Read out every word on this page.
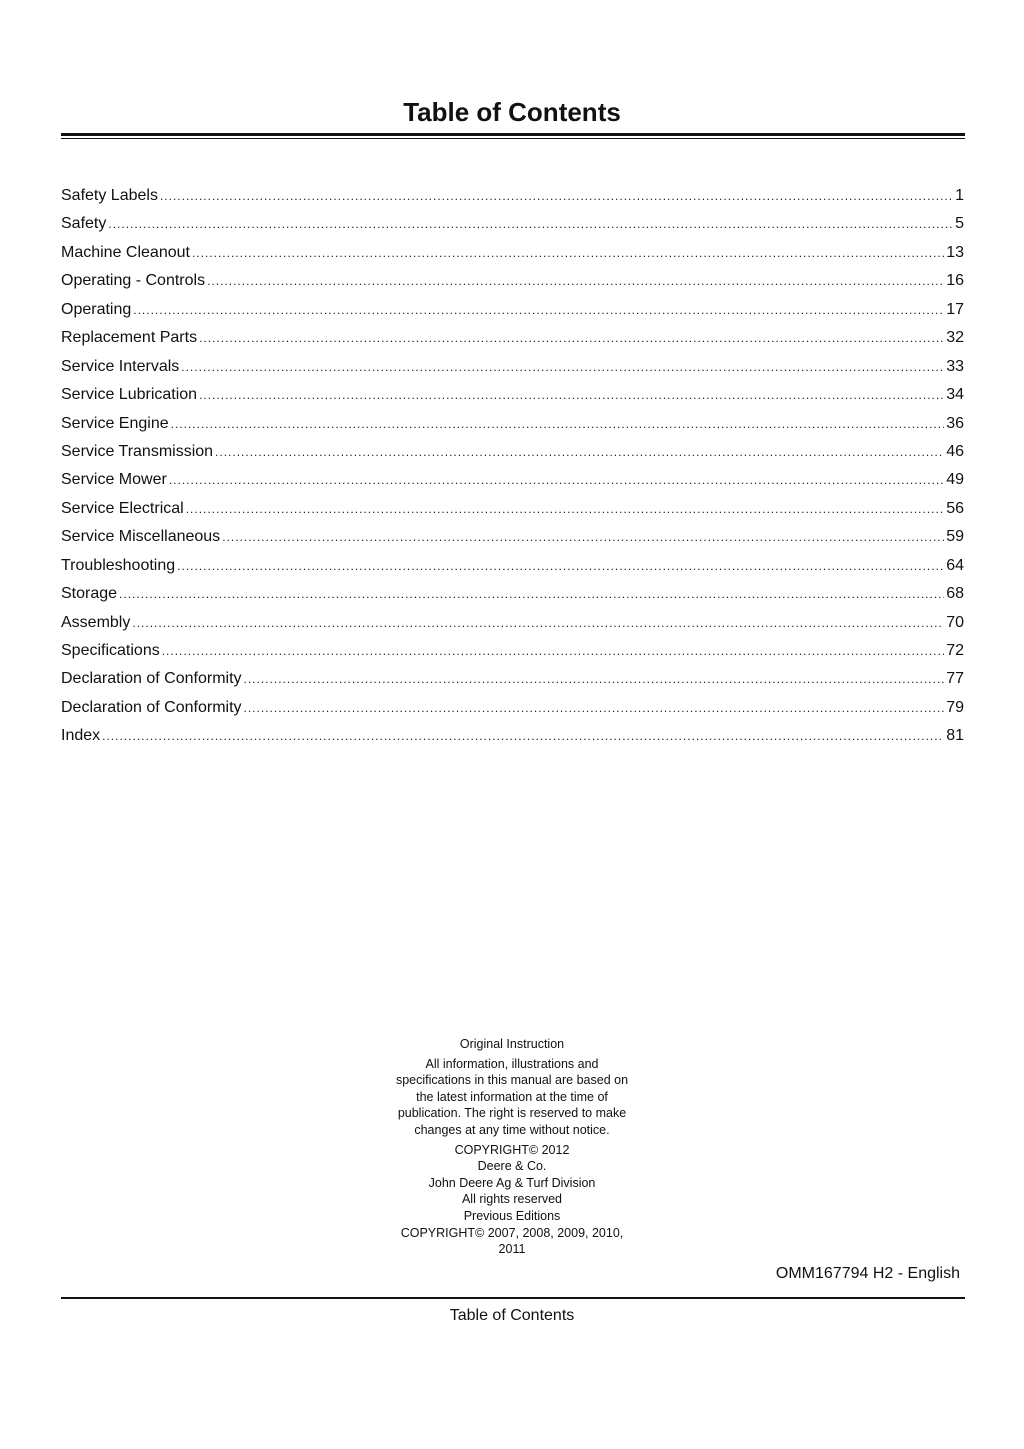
Table of Contents
Safety Labels .....	1
Safety .....	5
Machine Cleanout .....	13
Operating - Controls .....	16
Operating .....	17
Replacement Parts .....	32
Service Intervals .....	33
Service Lubrication .....	34
Service Engine .....	36
Service Transmission .....	46
Service Mower .....	49
Service Electrical .....	56
Service Miscellaneous .....	59
Troubleshooting .....	64
Storage .....	68
Assembly .....	70
Specifications .....	72
Declaration of Conformity .....	77
Declaration of Conformity .....	79
Index .....	81

Original Instruction

All information, illustrations and specifications in this manual are based on the latest information at the time of publication. The right is reserved to make changes at any time without notice.

COPYRIGHT© 2012
Deere & Co.
John Deere Ag & Turf Division
All rights reserved
Previous Editions
COPYRIGHT© 2007, 2008, 2009, 2010, 2011
OMM167794 H2 - English
Table of Contents
